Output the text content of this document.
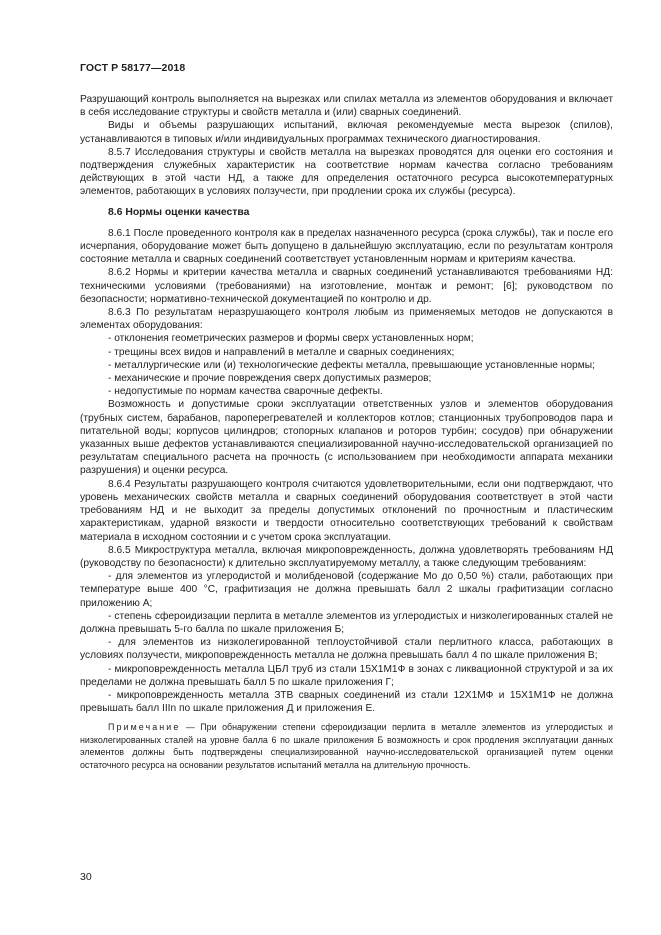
ГОСТ Р 58177—2018

Разрушающий контроль выполняется на вырезках или спилах металла из элементов оборудования и включает в себя исследование структуры и свойств металла и (или) сварных соединений.

Виды и объемы разрушающих испытаний, включая рекомендуемые места вырезок (спилов), устанавливаются в типовых и/или индивидуальных программах технического диагностирования.

8.5.7 Исследования структуры и свойств металла на вырезках проводятся для оценки его состояния и подтверждения служебных характеристик на соответствие нормам качества согласно требованиям действующих в этой части НД, а также для определения остаточного ресурса высокотемпературных элементов, работающих в условиях ползучести, при продлении срока их службы (ресурса).

8.6 Нормы оценки качества

8.6.1 После проведенного контроля как в пределах назначенного ресурса (срока службы), так и после его исчерпания, оборудование может быть допущено в дальнейшую эксплуатацию, если по результатам контроля состояние металла и сварных соединений соответствует установленным нормам и критериям качества.

8.6.2 Нормы и критерии качества металла и сварных соединений устанавливаются требованиями НД: техническими условиями (требованиями) на изготовление, монтаж и ремонт; [6]; руководством по безопасности; нормативно-технической документацией по контролю и др.

8.6.3 По результатам неразрушающего контроля любым из применяемых методов не допускаются в элементах оборудования:

- отклонения геометрических размеров и формы сверх установленных норм;

- трещины всех видов и направлений в металле и сварных соединениях;

- металлургические или (и) технологические дефекты металла, превышающие установленные нормы;

- механические и прочие повреждения сверх допустимых размеров;

- недопустимые по нормам качества сварочные дефекты.

Возможность и допустимые сроки эксплуатации ответственных узлов и элементов оборудования (трубных систем, барабанов, пароперегревателей и коллекторов котлов; станционных трубопроводов пара и питательной воды; корпусов цилиндров; стопорных клапанов и роторов турбин; сосудов) при обнаружении указанных выше дефектов устанавливаются специализированной научно-исследовательской организацией по результатам специального расчета на прочность (с использованием при необходимости аппарата механики разрушения) и оценки ресурса.

8.6.4 Результаты разрушающего контроля считаются удовлетворительными, если они подтверждают, что уровень механических свойств металла и сварных соединений оборудования соответствует в этой части требованиям НД и не выходит за пределы допустимых отклонений по прочностным и пластическим характеристикам, ударной вязкости и твердости относительно соответствующих требований к свойствам материала в исходном состоянии и с учетом срока эксплуатации.

8.6.5 Микроструктура металла, включая микроповрежденность, должна удовлетворять требованиям НД (руководству по безопасности) к длительно эксплуатируемому металлу, а также следующим требованиям:

- для элементов из углеродистой и молибденовой (содержание Мо до 0,50 %) стали, работающих при температуре выше 400 °С, графитизация не должна превышать балл 2 шкалы графитизации согласно приложению А;

- степень сфероидизации перлита в металле элементов из углеродистых и низколегированных сталей не должна превышать 5-го балла по шкале приложения Б;

- для элементов из низколегированной теплоустойчивой стали перлитного класса, работающих в условиях ползучести, микроповрежденность металла не должна превышать балл 4 по шкале приложения В;

- микроповрежденность металла ЦБЛ труб из стали 15Х1М1Ф в зонах с ликвационной структурой и за их пределами не должна превышать балл 5 по шкале приложения Г;

- микроповрежденность металла ЗТВ сварных соединений из стали 12Х1МФ и 15Х1М1Ф не должна превышать балл IIIn по шкале приложения Д и приложения Е.

Примечание — При обнаружении степени сфероидизации перлита в металле элементов из углеродистых и низколегированных сталей на уровне балла 6 по шкале приложения Б возможность и срок продления эксплуатации данных элементов должны быть подтверждены специализированной научно-исследовательской организацией путем оценки остаточного ресурса на основании результатов испытаний металла на длительную прочность.
30
